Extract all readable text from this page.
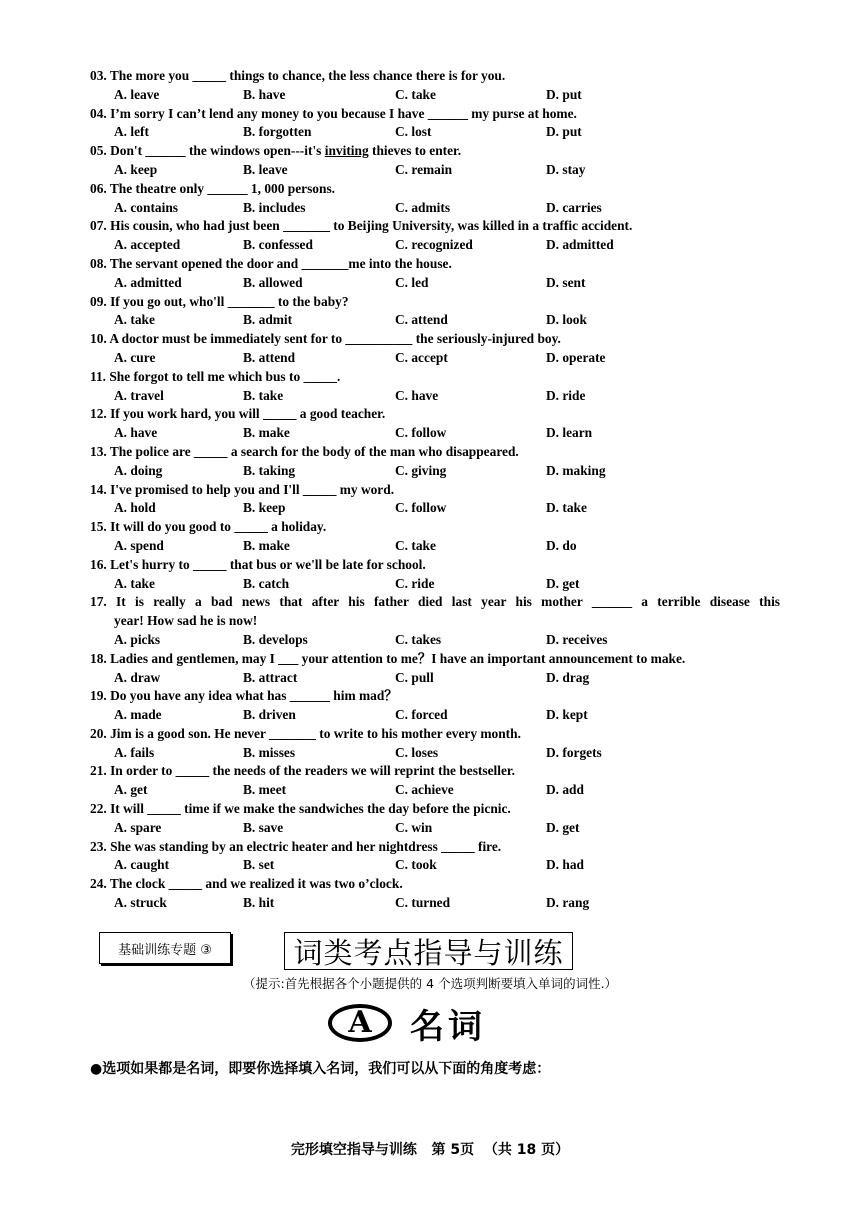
03. The more you _____ things to chance, the less chance there is for you.
A. leave	B. have	C. take	D. put
04. I’m sorry I can’t lend any money to you because I have ______ my purse at home.
A. left	B. forgotten	C. lost	D. put
05. Don't ______ the windows open---it's inviting thieves to enter.
A. keep	B. leave	C. remain	D. stay
06. The theatre only ______ 1, 000 persons.
A. contains	B. includes	C. admits	D. carries
07. His cousin, who had just been _______ to Beijing University, was killed in a traffic accident.
A. accepted	B. confessed	C. recognized	D. admitted
08. The servant opened the door and _______me into the house.
A. admitted	B. allowed	C. led	D. sent
09. If you go out, who'll _______ to the baby?
A. take	B. admit	C. attend	D. look
10. A doctor must be immediately sent for to __________ the seriously-injured boy.
A. cure	B. attend	C. accept	D. operate
11. She forgot to tell me which bus to _____.
A. travel	B. take	C. have	D. ride
12. If you work hard, you will _____ a good teacher.
A. have	B. make	C. follow	D. learn
13. The police are _____ a search for the body of the man who disappeared.
A. doing	B. taking	C. giving	D. making
14. I've promised to help you and I'll _____ my word.
A. hold	B. keep	C. follow	D. take
15. It will do you good to _____ a holiday.
A. spend	B. make	C. take	D. do
16. Let's hurry to _____ that bus or we'll be late for school.
A. take	B. catch	C. ride	D. get
17. It is really a bad news that after his father died last year his mother ______ a terrible disease this
year! How sad he is now!
A. picks	B. develops	C. takes	D. receives
18. Ladies and gentlemen, may I ___ your attention to me？I have an important announcement to make.
A. draw	B. attract	C. pull	D. drag
19. Do you have any idea what has ______ him mad？
A. made	B. driven	C. forced	D. kept
20. Jim is a good son. He never _______ to write to his mother every month.
A. fails	B. misses	C. loses	D. forgets
21. In order to _____ the needs of the readers we will reprint the bestseller.
A. get	B. meet	C. achieve	D. add
22. It will _____ time if we make the sandwiches the day before the picnic.
A. spare	B. save	C. win	D. get
23. She was standing by an electric heater and her nightdress _____ fire.
A. caught	B. set	C. took	D. had
24. The clock _____ and we realized it was two o’clock.
A. struck	B. hit	C. turned	D. rang
基础训练专题 ③	词类考点指导与训练
（提示:首先根据各个小题提供的 4 个选项判断要填入单词的词性.）
A 名词
●选项如果都是名词，即要你选择填入名词，我们可以从下面的角度考虑：
完形填空指导与训练   第 5页  （共 18 页）
